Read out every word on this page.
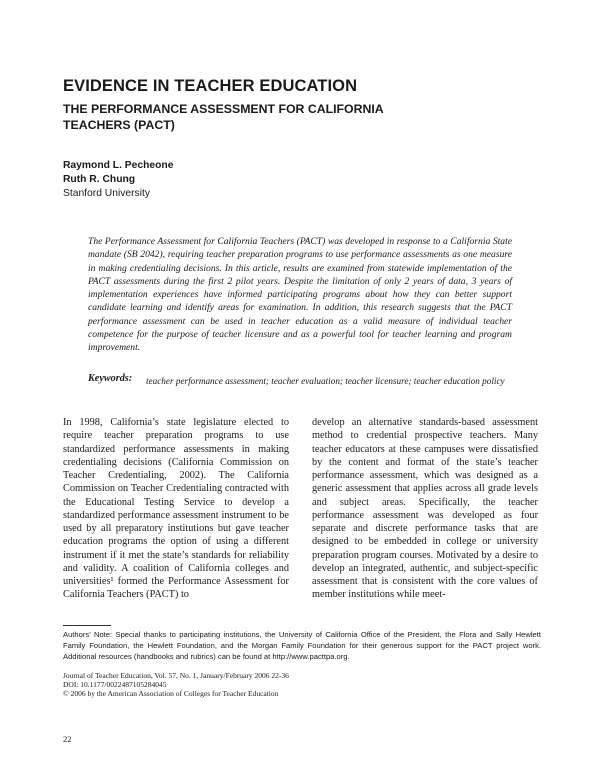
EVIDENCE IN TEACHER EDUCATION
THE PERFORMANCE ASSESSMENT FOR CALIFORNIA TEACHERS (PACT)

Raymond L. Pecheone

Ruth R. Chung

Stanford University

The Performance Assessment for California Teachers (PACT) was developed in response to a California State mandate (SB 2042), requiring teacher preparation programs to use performance assessments as one measure in making credentialing decisions. In this article, results are examined from statewide implementation of the PACT assessments during the first 2 pilot years. Despite the limitation of only 2 years of data, 3 years of implementation experiences have informed participating programs about how they can better support candidate learning and identify areas for examination. In addition, this research suggests that the PACT performance assessment can be used in teacher education as a valid measure of individual teacher competence for the purpose of teacher licensure and as a powerful tool for teacher learning and program improvement.

Keywords: teacher performance assessment; teacher evaluation; teacher licensure; teacher education policy

In 1998, California’s state legislature elected to require teacher preparation programs to use standardized performance assessments in making credentialing decisions (California Commission on Teacher Credentialing, 2002). The California Commission on Teacher Credentialing contracted with the Educational Testing Service to develop a standardized performance assessment instrument to be used by all preparatory institutions but gave teacher education programs the option of using a different instrument if it met the state’s standards for reliability and validity. A coalition of California colleges and universities¹ formed the Performance Assessment for California Teachers (PACT) to

develop an alternative standards-based assessment method to credential prospective teachers. Many teacher educators at these campuses were dissatisfied by the content and format of the state’s teacher performance assessment, which was designed as a generic assessment that applies across all grade levels and subject areas. Specifically, the teacher performance assessment was developed as four separate and discrete performance tasks that are designed to be embedded in college or university preparation program courses. Motivated by a desire to develop an integrated, authentic, and subject-specific assessment that is consistent with the core values of member institutions while meet-

Authors’ Note: Special thanks to participating institutions, the University of California Office of the President, the Flora and Sally Hewlett Family Foundation, the Hewlett Foundation, and the Morgan Family Foundation for their generous support for the PACT project work. Additional resources (handbooks and rubrics) can be found at http://www.pacttpa.org.

Journal of Teacher Education, Vol. 57, No. 1, January/February 2006 22-36

DOI: 10.1177/0022487105284045

© 2006 by the American Association of Colleges for Teacher Education

22
